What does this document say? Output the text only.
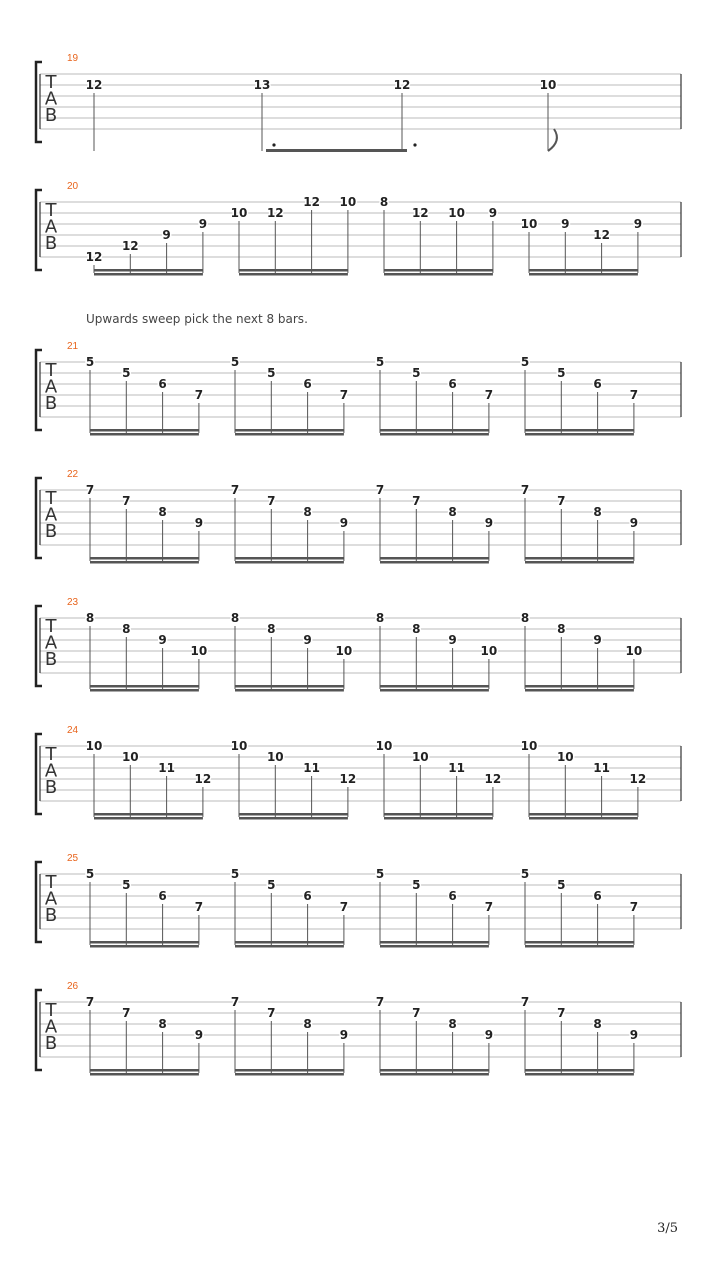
19
T
A
B
12	13	12	10
20
T
A
B
12
12
9
9
10 12
12 10 8
12 10 9
10 9
12
9
21
T
A
B
5
5
6
7
5
5
6
7
5
5
6
7
5
5
6
7
22
T
A
B
7
7
8
9
7
7
8
9
7
7
8
9
7
7
8
9
23
T
A
B
8
8
9
10
8
8
9
10
8
8
9
10
8
8
9
10
24
T
A
B
10
10
11
12
10
10
11
12
10
10
11
12
10
10
11
12
25
T
A
B
5
5
6
7
5
5
6
7
5
5
6
7
5
5
6
7
26
T
A
B
7
7
8
9
7
7
8
9
7
7
8
9
7
7
8
9
Upwards sweep pick the next 8 bars.
3/5
